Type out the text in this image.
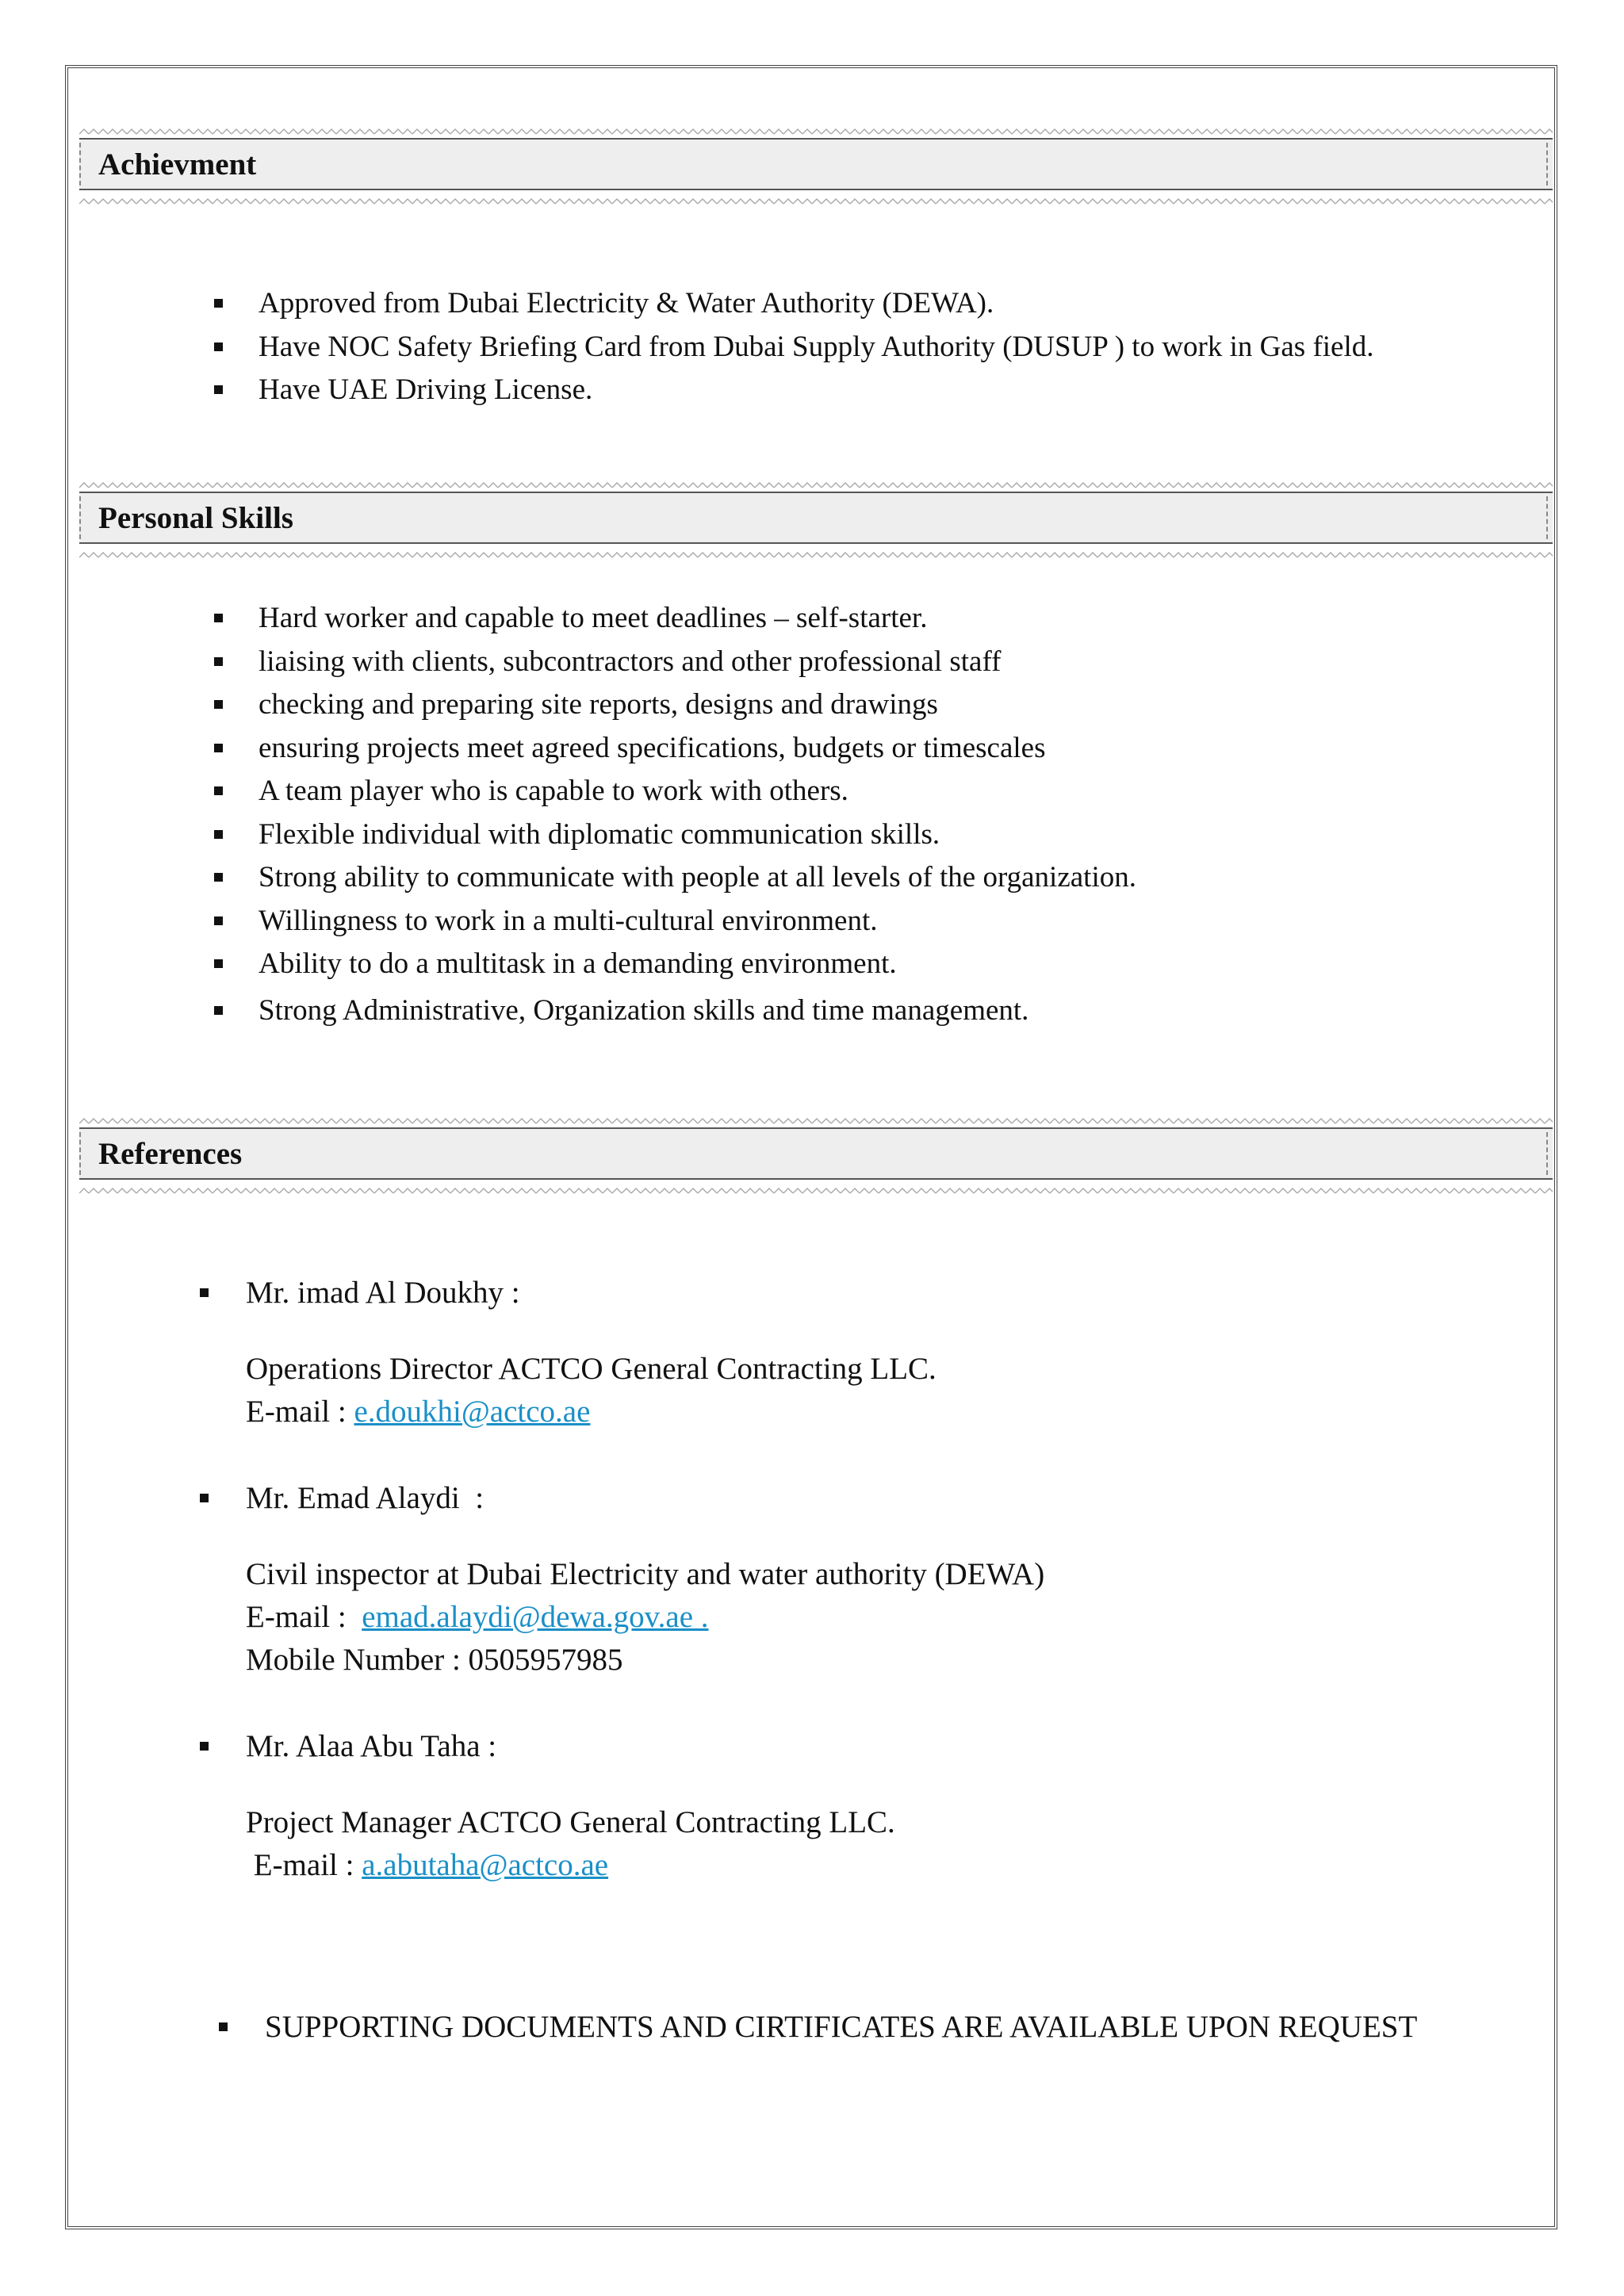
Achievment
Approved from Dubai Electricity & Water Authority (DEWA).
Have NOC Safety Briefing Card from Dubai Supply Authority (DUSUP ) to work in Gas field.
Have UAE Driving License.
Personal Skills
Hard worker and capable to meet deadlines – self-starter.
liaising with clients, subcontractors and other professional staff
checking and preparing site reports, designs and drawings
ensuring projects meet agreed specifications, budgets or timescales
A team player who is capable to work with others.
Flexible individual with diplomatic communication skills.
Strong ability to communicate with people at all levels of the organization.
Willingness to work in a multi-cultural environment.
Ability to do a multitask in a demanding environment.
Strong Administrative, Organization skills and time management.
References
Mr. imad Al Doukhy :
Operations Director ACTCO General Contracting LLC.
E-mail : e.doukhi@actco.ae
Mr. Emad Alaydi  :
Civil inspector at Dubai Electricity and water authority (DEWA)
E-mail :  emad.alaydi@dewa.gov.ae .
Mobile Number : 0505957985
Mr. Alaa Abu Taha :
Project Manager ACTCO General Contracting LLC.
E-mail : a.abutaha@actco.ae
SUPPORTING DOCUMENTS AND CIRTIFICATES ARE AVAILABLE UPON REQUEST
